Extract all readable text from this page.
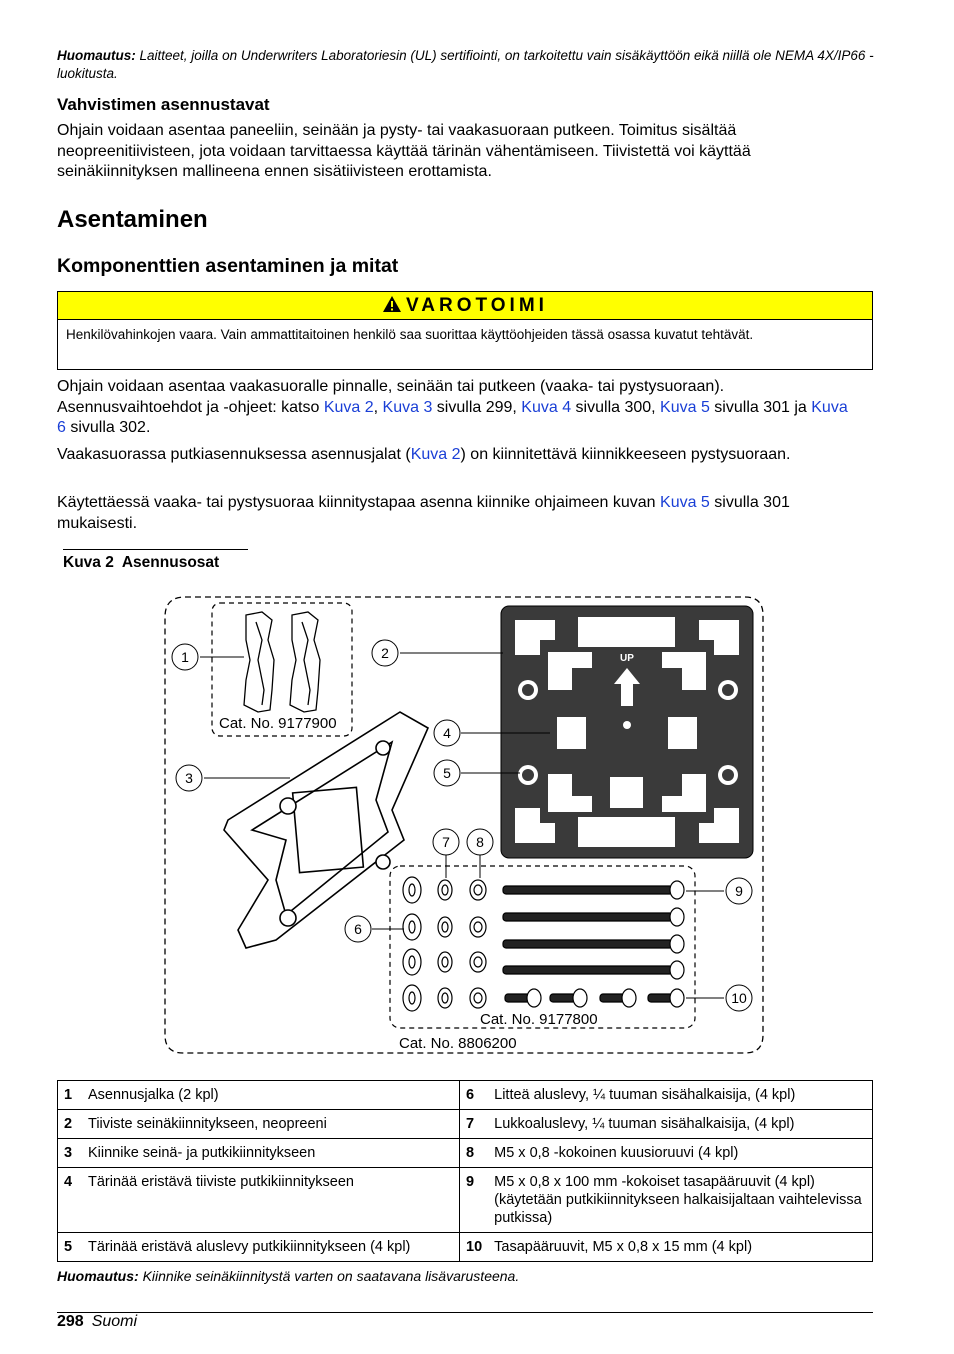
Huomautus: Laitteet, joilla on Underwriters Laboratoriesin (UL) sertifiointi, on tarkoitettu vain sisäkäyttöön eikä niillä ole NEMA 4X/IP66 -luokitusta.
Vahvistimen asennustavat
Ohjain voidaan asentaa paneeliin, seinään ja pysty- tai vaakasuoraan putkeen. Toimitus sisältää neopreenitiivisteen, jota voidaan tarvittaessa käyttää tärinän vähentämiseen. Tiivistettä voi käyttää seinäkiinnityksen mallineena ennen sisätiivisteen erottamista.
Asentaminen
Komponenttien asentaminen ja mitat
VAROTOIMI
Henkilövahinkojen vaara. Vain ammattitaitoinen henkilö saa suorittaa käyttöohjeiden tässä osassa kuvatut tehtävät.
Ohjain voidaan asentaa vaakasuoralle pinnalle, seinään tai putkeen (vaaka- tai pystysuoraan). Asennusvaihtoehdot ja -ohjeet: katso Kuva 2, Kuva 3 sivulla 299, Kuva 4 sivulla 300, Kuva 5 sivulla 301 ja Kuva 6 sivulla 302.
Vaakasuorassa putkiasennuksessa asennusjalat (Kuva 2) on kiinnitettävä kiinnikkeeseen pystysuoraan.
Käytettäessä vaaka- tai pystysuoraa kiinnitystapaa asenna kiinnike ohjaimeen kuvan Kuva 5 sivulla 301 mukaisesti.
Kuva 2  Asennusosat
Cat. No. 9177900
UP
Cat. No. 9177800
Cat. No. 8806200
1	2
3
4
5
6
7 8
9
10
1	Asennusjalka (2 kpl)	6	Litteä aluslevy, ¼ tuuman sisähalkaisija, (4 kpl)
2	Tiiviste seinäkiinnitykseen, neopreeni	7	Lukkoaluslevy, ¼ tuuman sisähalkaisija, (4 kpl)
3	Kiinnike seinä- ja putkikiinnitykseen	8	M5 x 0,8 -kokoinen kuusioruuvi (4 kpl)
4	Tärinää eristävä tiiviste putkikiinnitykseen	9	M5 x 0,8 x 100 mm -kokoiset tasapääruuvit (4 kpl) (käytetään putkikiinnitykseen halkaisijaltaan vaihtelevissa putkissa)
5	Tärinää eristävä aluslevy putkikiinnitykseen (4 kpl)	10	Tasapääruuvit, M5 x 0,8 x 15 mm (4 kpl)
Huomautus: Kiinnike seinäkiinnitystä varten on saatavana lisävarusteena.
298 Suomi
